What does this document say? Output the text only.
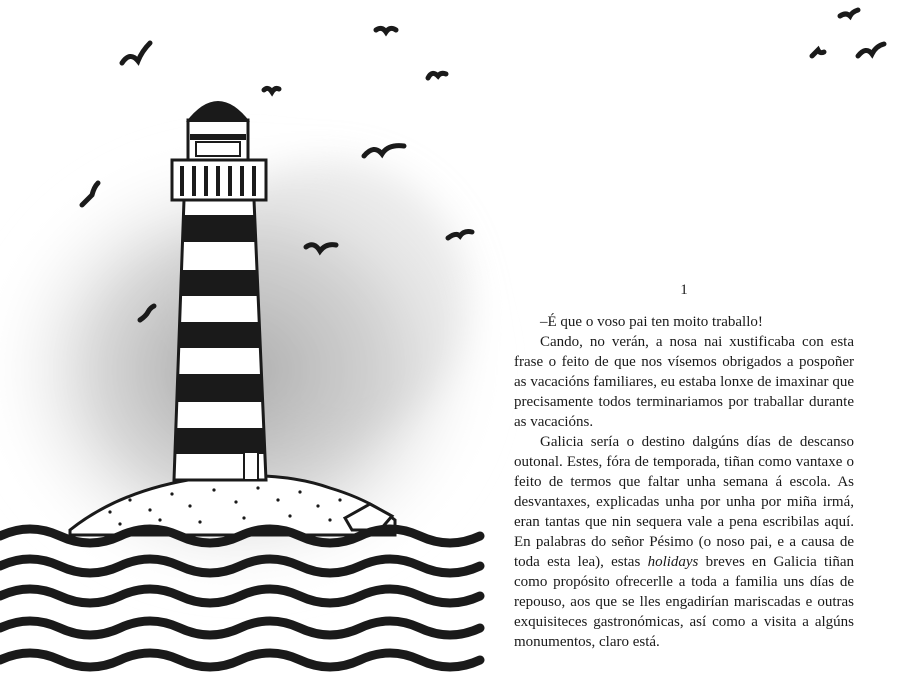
1

–É que o voso pai ten moito traballo!

Cando, no verán, a nosa nai xustificaba con esta frase o feito de que nos vísemos obrigados a pospoñer as vacacións familiares, eu estaba lonxe de imaxinar que precisamente todos terminariamos por traballar durante as vacacións.

Galicia sería o destino dalgúns días de descanso outonal. Estes, fóra de temporada, tiñan como vantaxe o feito de termos que faltar unha semana á escola. As desvantaxes, explicadas unha por unha por miña irmá, eran tantas que nin sequera vale a pena escribilas aquí. En palabras do señor Pésimo (o noso pai, e a causa de toda esta lea), estas holidays breves en Galicia tiñan como propósito ofrecerlle a toda a familia uns días de repouso, aos que se lles engadirían mariscadas e outras exquisiteces gastronómicas, así como a visita a algúns monumentos, claro está.
